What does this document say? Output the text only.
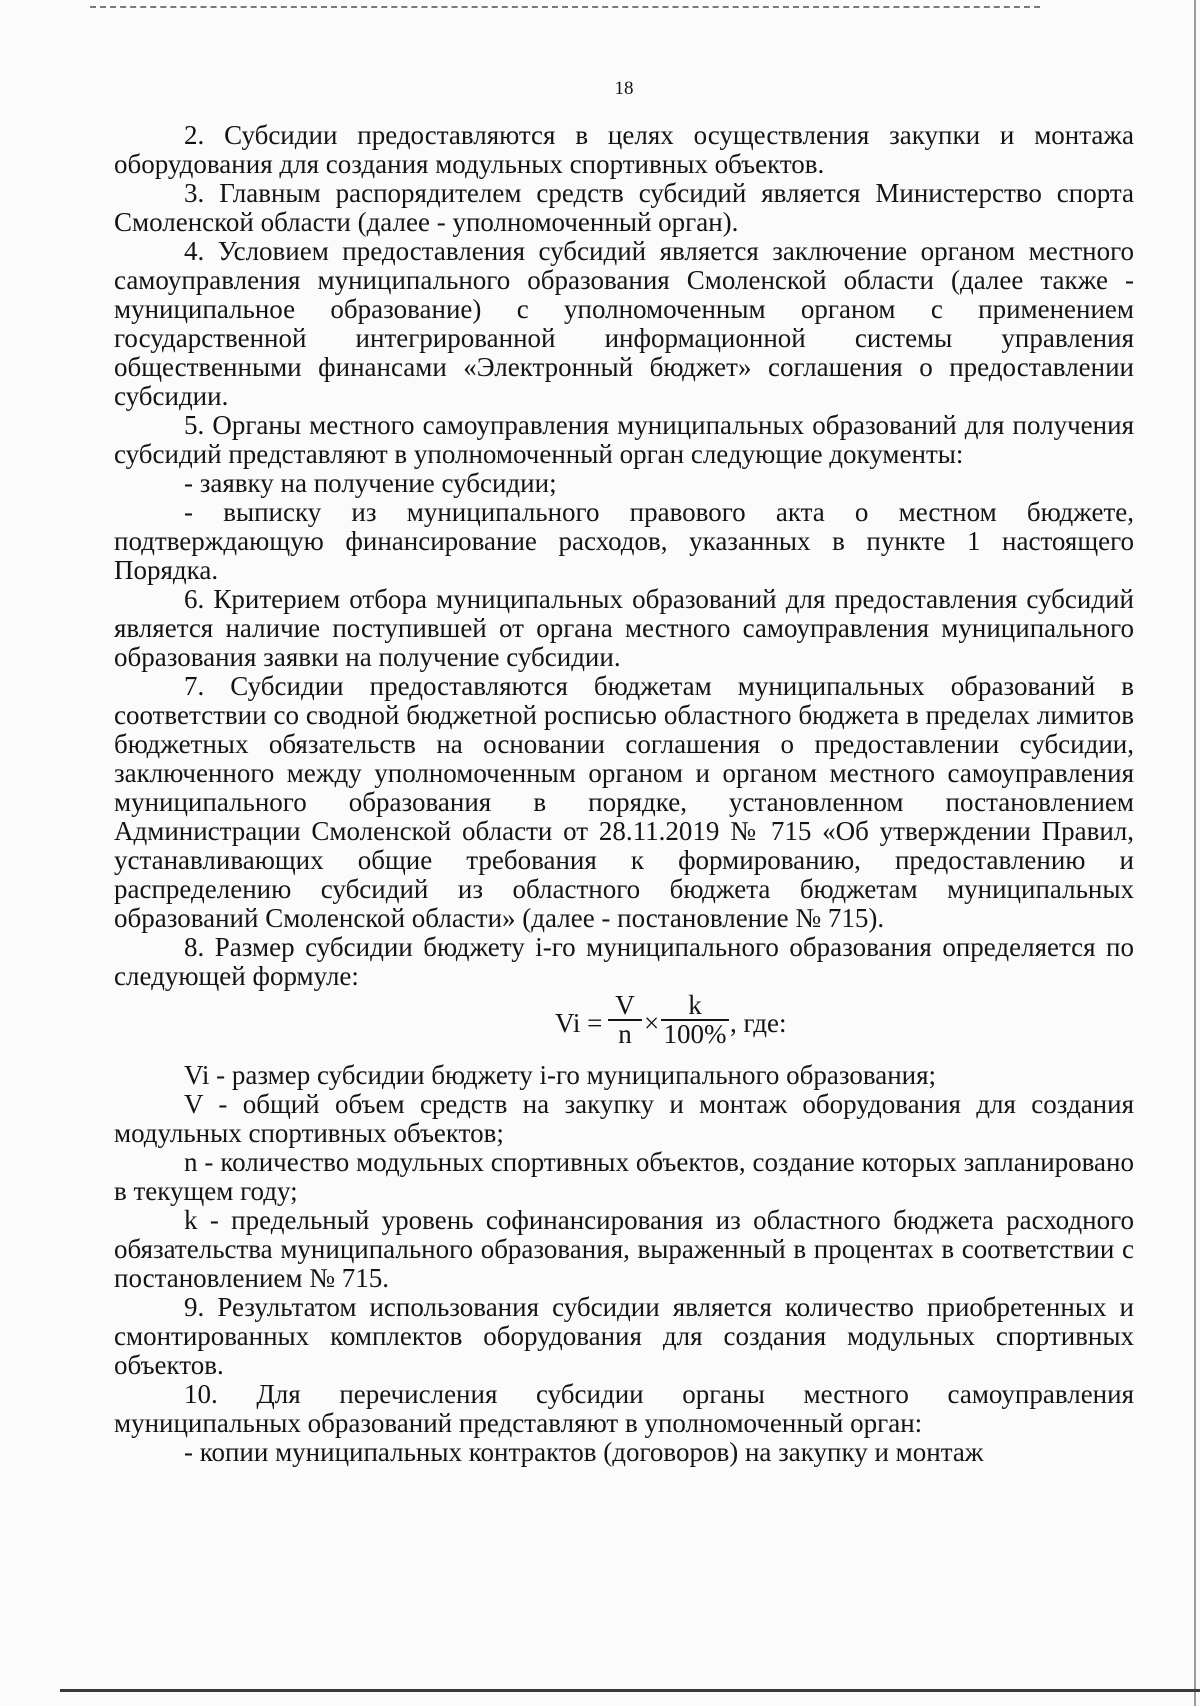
18

2. Субсидии предоставляются в целях осуществления закупки и монтажа оборудования для создания модульных спортивных объектов.

3. Главным распорядителем средств субсидий является Министерство спорта Смоленской области (далее - уполномоченный орган).

4. Условием предоставления субсидий является заключение органом местного самоуправления муниципального образования Смоленской области (далее также - муниципальное образование) с уполномоченным органом с применением государственной интегрированной информационной системы управления общественными финансами «Электронный бюджет» соглашения о предоставлении субсидии.

5. Органы местного самоуправления муниципальных образований для получения субсидий представляют в уполномоченный орган следующие документы:

- заявку на получение субсидии;

- выписку из муниципального правового акта о местном бюджете, подтверждающую финансирование расходов, указанных в пункте 1 настоящего Порядка.

6. Критерием отбора муниципальных образований для предоставления субсидий является наличие поступившей от органа местного самоуправления муниципального образования заявки на получение субсидии.

7. Субсидии предоставляются бюджетам муниципальных образований в соответствии со сводной бюджетной росписью областного бюджета в пределах лимитов бюджетных обязательств на основании соглашения о предоставлении субсидии, заключенного между уполномоченным органом и органом местного самоуправления муниципального образования в порядке, установленном постановлением Администрации Смоленской области от 28.11.2019 № 715 «Об утверждении Правил, устанавливающих общие требования к формированию, предоставлению и распределению субсидий из областного бюджета бюджетам муниципальных образований Смоленской области» (далее - постановление № 715).

8. Размер субсидии бюджету i-го муниципального образования определяется по следующей формуле:

$Vi = \frac{V}{n} \times \frac{k}{100\%}$ , где:

Vi - размер субсидии бюджету i-го муниципального образования;

V - общий объем средств на закупку и монтаж оборудования для создания модульных спортивных объектов;

n - количество модульных спортивных объектов, создание которых запланировано в текущем году;

k - предельный уровень софинансирования из областного бюджета расходного обязательства муниципального образования, выраженный в процентах в соответствии с постановлением № 715.

9. Результатом использования субсидии является количество приобретенных и смонтированных комплектов оборудования для создания модульных спортивных объектов.

10. Для перечисления субсидии органы местного самоуправления муниципальных образований представляют в уполномоченный орган:

- копии муниципальных контрактов (договоров) на закупку и монтаж
